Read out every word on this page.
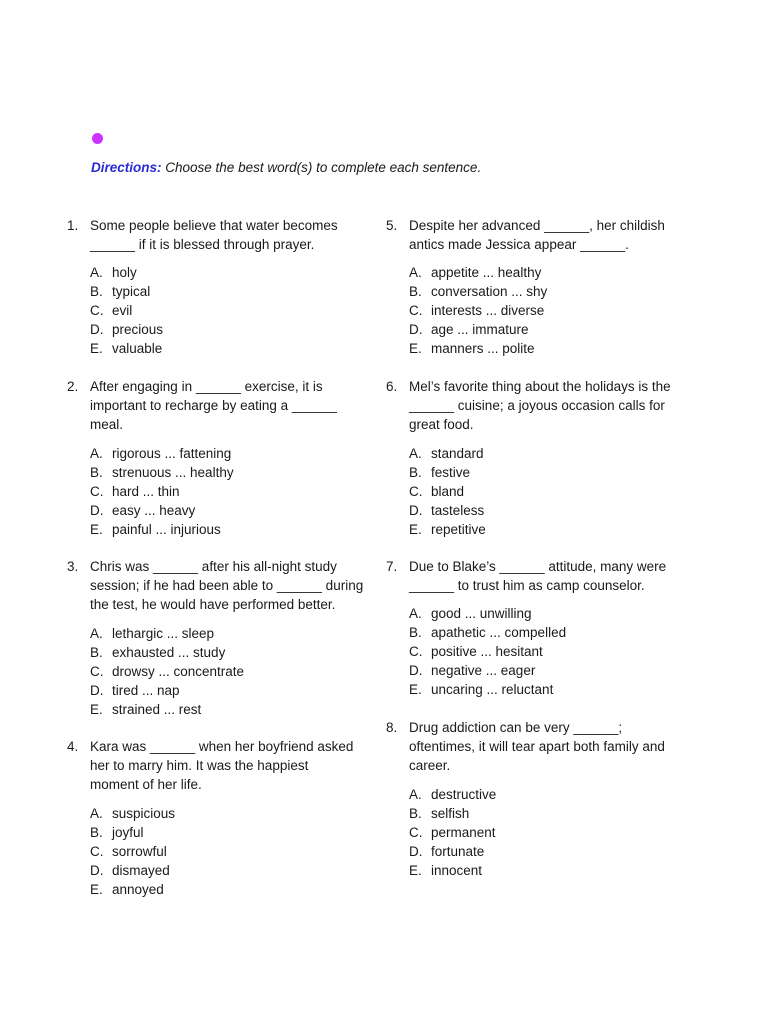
Directions: Choose the best word(s) to complete each sentence.
1. Some people believe that water becomes
______ if it is blessed through prayer.
A. holy
B. typical
C. evil
D. precious
E. valuable
2. After engaging in ______ exercise, it is
important to recharge by eating a ______
meal.
A. rigorous ... fattening
B. strenuous ... healthy
C. hard ... thin
D. easy ... heavy
E. painful ... injurious
3. Chris was ______ after his all-night study
session; if he had been able to ______ during
the test, he would have performed better.
A. lethargic ... sleep
B. exhausted ... study
C. drowsy ... concentrate
D. tired ... nap
E. strained ... rest
4. Kara was ______ when her boyfriend asked
her to marry him. It was the happiest
moment of her life.
A. suspicious
B. joyful
C. sorrowful
D. dismayed
E. annoyed
5. Despite her advanced ______, her childish
antics made Jessica appear ______.
A. appetite ... healthy
B. conversation ... shy
C. interests ... diverse
D. age ... immature
E. manners ... polite
6. Mel’s favorite thing about the holidays is the
______ cuisine; a joyous occasion calls for
great food.
A. standard
B. festive
C. bland
D. tasteless
E. repetitive
7. Due to Blake’s ______ attitude, many were
______ to trust him as camp counselor.
A. good ... unwilling
B. apathetic ... compelled
C. positive ... hesitant
D. negative ... eager
E. uncaring ... reluctant
8. Drug addiction can be very ______;
oftentimes, it will tear apart both family and
career.
A. destructive
B. selfish
C. permanent
D. fortunate
E. innocent
